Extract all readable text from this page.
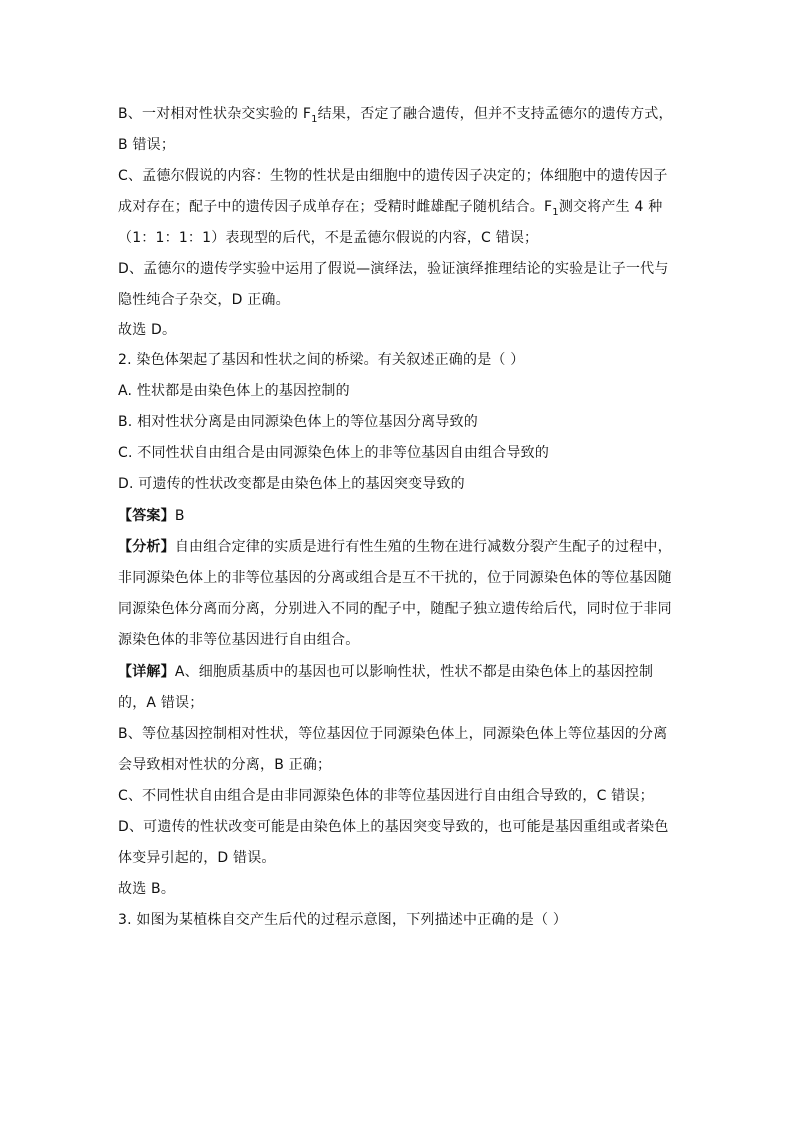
B、一对相对性状杂交实验的 $F_1$结果，否定了融合遗传，但并不支持孟德尔的遗传方式，
B 错误；
C、孟德尔假说的内容：生物的性状是由细胞中的遗传因子决定的；体细胞中的遗传因子
成对存在；配子中的遗传因子成单存在；受精时雌雄配子随机结合。$F_1$测交将产生 4 种
（1：1：1：1）表现型的后代，不是孟德尔假说的内容，C 错误；
D、孟德尔的遗传学实验中运用了假说—演绎法，验证演绎推理结论的实验是让子一代与
隐性纯合子杂交，D 正确。
故选 D。
2. 染色体架起了基因和性状之间的桥梁。有关叙述正确的是（ ）
A. 性状都是由染色体上的基因控制的
B. 相对性状分离是由同源染色体上的等位基因分离导致的
C. 不同性状自由组合是由同源染色体上的非等位基因自由组合导致的
D. 可遗传的性状改变都是由染色体上的基因突变导致的
【答案】B
【分析】自由组合定律的实质是进行有性生殖的生物在进行减数分裂产生配子的过程中，
非同源染色体上的非等位基因的分离或组合是互不干扰的，位于同源染色体的等位基因随
同源染色体分离而分离，分别进入不同的配子中，随配子独立遗传给后代，同时位于非同
源染色体的非等位基因进行自由组合。
【详解】A、细胞质基质中的基因也可以影响性状，性状不都是由染色体上的基因控制
的，A 错误；
B、等位基因控制相对性状，等位基因位于同源染色体上，同源染色体上等位基因的分离
会导致相对性状的分离，B 正确；
C、不同性状自由组合是由非同源染色体的非等位基因进行自由组合导致的，C 错误；
D、可遗传的性状改变可能是由染色体上的基因突变导致的，也可能是基因重组或者染色
体变异引起的，D 错误。
故选 B。
3. 如图为某植株自交产生后代的过程示意图，下列描述中正确的是（ ）
